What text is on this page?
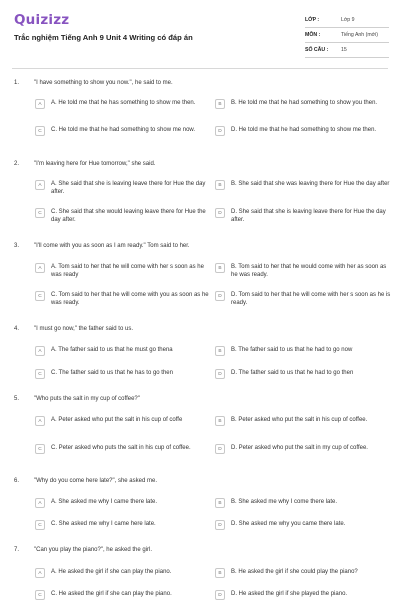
Quizizz
Trắc nghiệm Tiếng Anh 9 Unit 4 Writing có đáp án
LỚP :	Lớp 9
MÔN :	Tiếng Anh (mới)
SỐ CÂU : 15
1. "I have something to show you now.", he said to me.
A	A. He told me that he has something to show me then.	B	B. He told me that he had something to show you then.
C	C. He told me that he had something to show me now.	D	D. He told me that he had something to show me then.
2. "I'm leaving here for Hue tomorrow," she said.
A	A. She said that she is leaving leave there for Hue the day after.
B	B. She said that she was leaving there for Hue the day after
C	C. She said that she would leaving leave there for Hue the day after.
D	D. She said that she is leaving leave there for Hue the day after.
3. "I'll come with you as soon as I am ready." Tom said to her.
A	A. Tom said to her that he will come with her s soon as he was ready
B	B. Tom said to her that he would come with her as soon as he was ready.
C	C. Tom said to her that he will come with you as soon as he was ready.
D	D. Tom said to her that he will come with her s soon as he is ready.
4. "I must go now," the father said to us.
A	A. The father said to us that he must go thena	B	B. The father said to us that he had to go now
C	C. The father said to us that he has to go then	D	D. The father said to us that he had to go then
5. "Who puts the salt in my cup of coffee?"
A	A. Peter asked who put the salt in his cup of coffe	B	B. Peter asked who put the salt in his cup of coffee.
C	C. Peter asked who puts the salt in his cup of coffee.	D	D. Peter asked who put the salt in my cup of coffee.
6. "Why do you come here late?", she asked me.
A	A. She asked me why I came there late.	B	B. She asked me why I come there late.
C	C. She asked me why I came here late.	D	D. She asked me why you came there late.
7. "Can you play the piano?", he asked the girl.
A	A. He asked the girl if she can play the piano.	B	B. He asked the girl if she could play the piano?
C	C. He asked the girl if she can play the piano.	D	D. He asked the girl if she played the piano.
